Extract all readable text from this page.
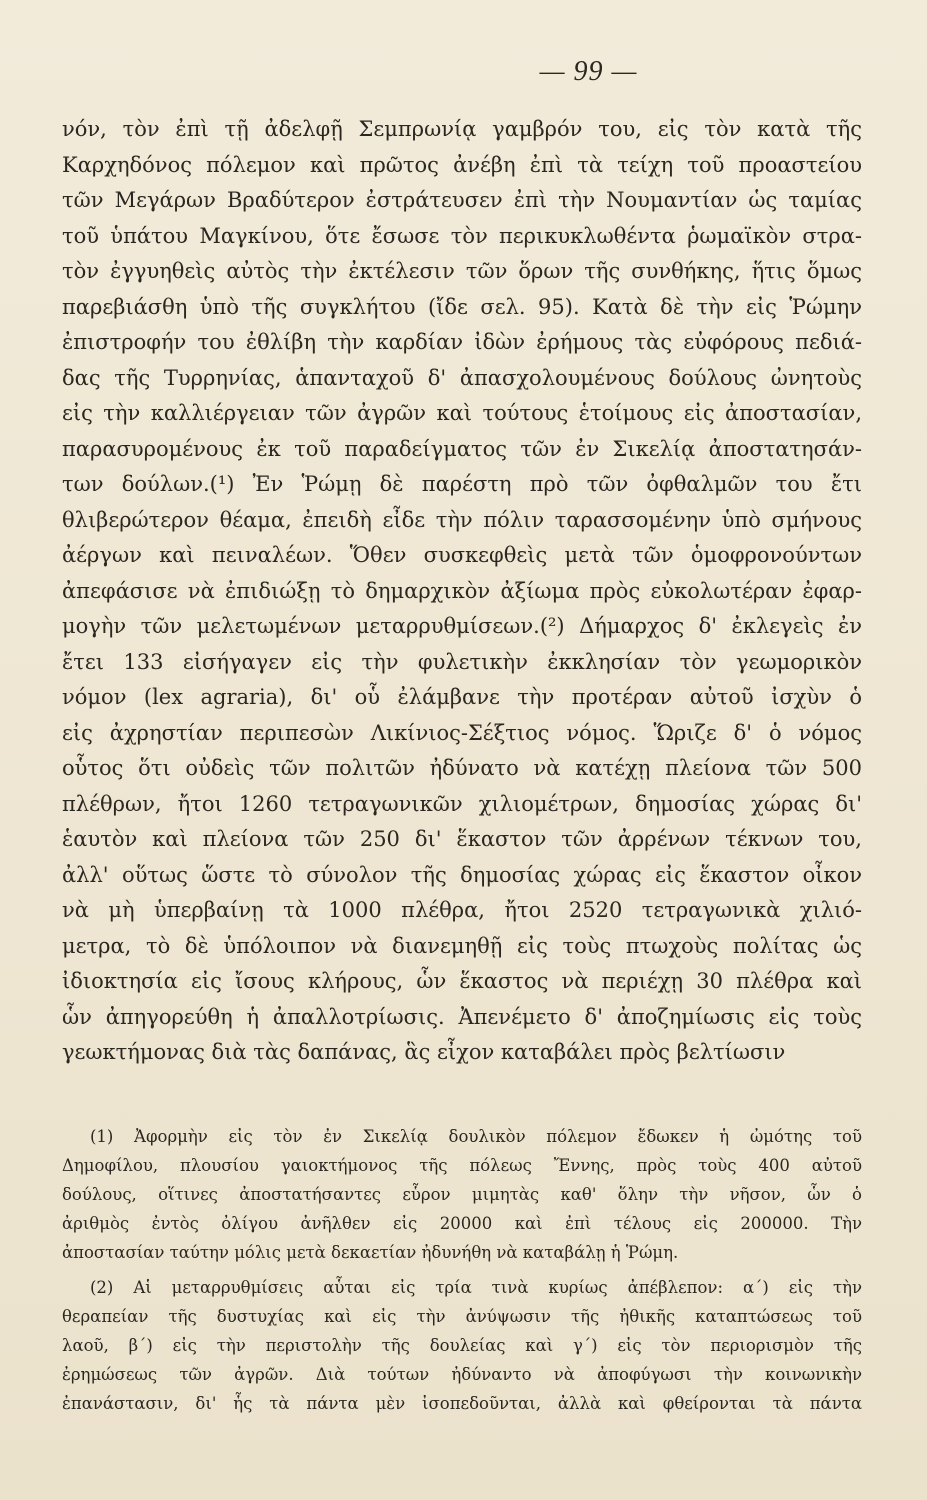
— 99 —
νόν, τὸν ἐπὶ τῇ ἀδελφῇ Σεμπρωνίᾳ γαμβρόν του, εἰς τὸν κατὰ τῆς
Καρχηδόνος πόλεμον καὶ πρῶτος ἀνέβη ἐπὶ τὰ τείχη τοῦ προαστείου
τῶν Μεγάρων Βραδύτερον ἐστράτευσεν ἐπὶ τὴν Νουμαντίαν ὡς ταμίας
τοῦ ὑπάτου Μαγκίνου, ὅτε ἔσωσε τὸν περικυκλωθέντα ῥωμαϊκὸν στρα-
τὸν ἐγγυηθεὶς αὐτὸς τὴν ἐκτέλεσιν τῶν ὅρων τῆς συνθήκης, ἥτις ὅμως
παρεβιάσθη ὑπὸ τῆς συγκλήτου (ἴδε σελ. 95). Κατὰ δὲ τὴν εἰς Ῥώμην
ἐπιστροφήν του ἐθλίβη τὴν καρδίαν ἰδὼν ἐρήμους τὰς εὐφόρους πεδιά-
δας τῆς Τυρρηνίας, ἁπανταχοῦ δ' ἀπασχολουμένους δούλους ὠνητοὺς
εἰς τὴν καλλιέργειαν τῶν ἀγρῶν καὶ τούτους ἑτοίμους εἰς ἀποστασίαν,
παρασυρομένους ἐκ τοῦ παραδείγματος τῶν ἐν Σικελίᾳ ἀποστατησάν-
των δούλων.(¹) Ἐν Ῥώμῃ δὲ παρέστη πρὸ τῶν ὀφθαλμῶν του ἔτι
θλιβερώτερον θέαμα, ἐπειδὴ εἶδε τὴν πόλιν ταρασσομένην ὑπὸ σμήνους
ἀέργων καὶ πειναλέων. Ὅθεν συσκεφθεὶς μετὰ τῶν ὁμοφρονούντων
ἀπεφάσισε νὰ ἐπιδιώξῃ τὸ δημαρχικὸν ἀξίωμα πρὸς εὐκολωτέραν ἐφαρ-
μογὴν τῶν μελετωμένων μεταρρυθμίσεων.(²) Δήμαρχος δ' ἐκλεγεὶς ἐν
ἔτει 133 εἰσήγαγεν εἰς τὴν φυλετικὴν ἐκκλησίαν τὸν γεωμορικὸν
νόμον (lex agraria), δι' οὗ ἐλάμβανε τὴν προτέραν αὐτοῦ ἰσχὺν ὁ
εἰς ἀχρηστίαν περιπεσὼν Λικίνιος-Σέξτιος νόμος. Ὥριζε δ' ὁ νόμος
οὗτος ὅτι οὐδεὶς τῶν πολιτῶν ἠδύνατο νὰ κατέχῃ πλείονα τῶν 500
πλέθρων, ἤτοι 1260 τετραγωνικῶν χιλιομέτρων, δημοσίας χώρας δι'
ἑαυτὸν καὶ πλείονα τῶν 250 δι' ἕκαστον τῶν ἀρρένων τέκνων του,
ἀλλ' οὕτως ὥστε τὸ σύνολον τῆς δημοσίας χώρας εἰς ἕκαστον οἶκον
νὰ μὴ ὑπερβαίνῃ τὰ 1000 πλέθρα, ἤτοι 2520 τετραγωνικὰ χιλιό-
μετρα, τὸ δὲ ὑπόλοιπον νὰ διανεμηθῇ εἰς τοὺς πτωχοὺς πολίτας ὡς
ἰδιοκτησία εἰς ἴσους κλήρους, ὧν ἕκαστος νὰ περιέχῃ 30 πλέθρα καὶ
ὧν ἀπηγορεύθη ἡ ἀπαλλοτρίωσις. Ἀπενέμετο δ' ἀποζημίωσις εἰς τοὺς
γεωκτήμονας διὰ τὰς δαπάνας, ἃς εἶχον καταβάλει πρὸς βελτίωσιν
(1) Ἀφορμὴν εἰς τὸν ἐν Σικελίᾳ δουλικὸν πόλεμον ἔδωκεν ἡ ὠμότης τοῦ
Δημοφίλου, πλουσίου γαιοκτήμονος τῆς πόλεως Ἔννης, πρὸς τοὺς 400 αὐτοῦ
δούλους, οἵτινες ἀποστατήσαντες εὗρον μιμητὰς καθ' ὅλην τὴν νῆσον, ὧν ὁ
ἀριθμὸς ἐντὸς ὀλίγου ἀνῆλθεν εἰς 20000 καὶ ἐπὶ τέλους εἰς 200000. Τὴν
ἀποστασίαν ταύτην μόλις μετὰ δεκαετίαν ἠδυνήθη νὰ καταβάλῃ ἡ Ῥώμη.
(2) Αἱ μεταρρυθμίσεις αὗται εἰς τρία τινὰ κυρίως ἀπέβλεπον: α΄) εἰς τὴν
θεραπείαν τῆς δυστυχίας καὶ εἰς τὴν ἀνύψωσιν τῆς ἠθικῆς καταπτώσεως τοῦ
λαοῦ, β΄) εἰς τὴν περιστολὴν τῆς δουλείας καὶ γ΄) εἰς τὸν περιορισμὸν τῆς
ἐρημώσεως τῶν ἀγρῶν. Διὰ τούτων ἠδύναντο νὰ ἀποφύγωσι τὴν κοινωνικὴν
ἐπανάστασιν, δι' ἧς τὰ πάντα μὲν ἰσοπεδοῦνται, ἀλλὰ καὶ φθείρονται τὰ πάντα
